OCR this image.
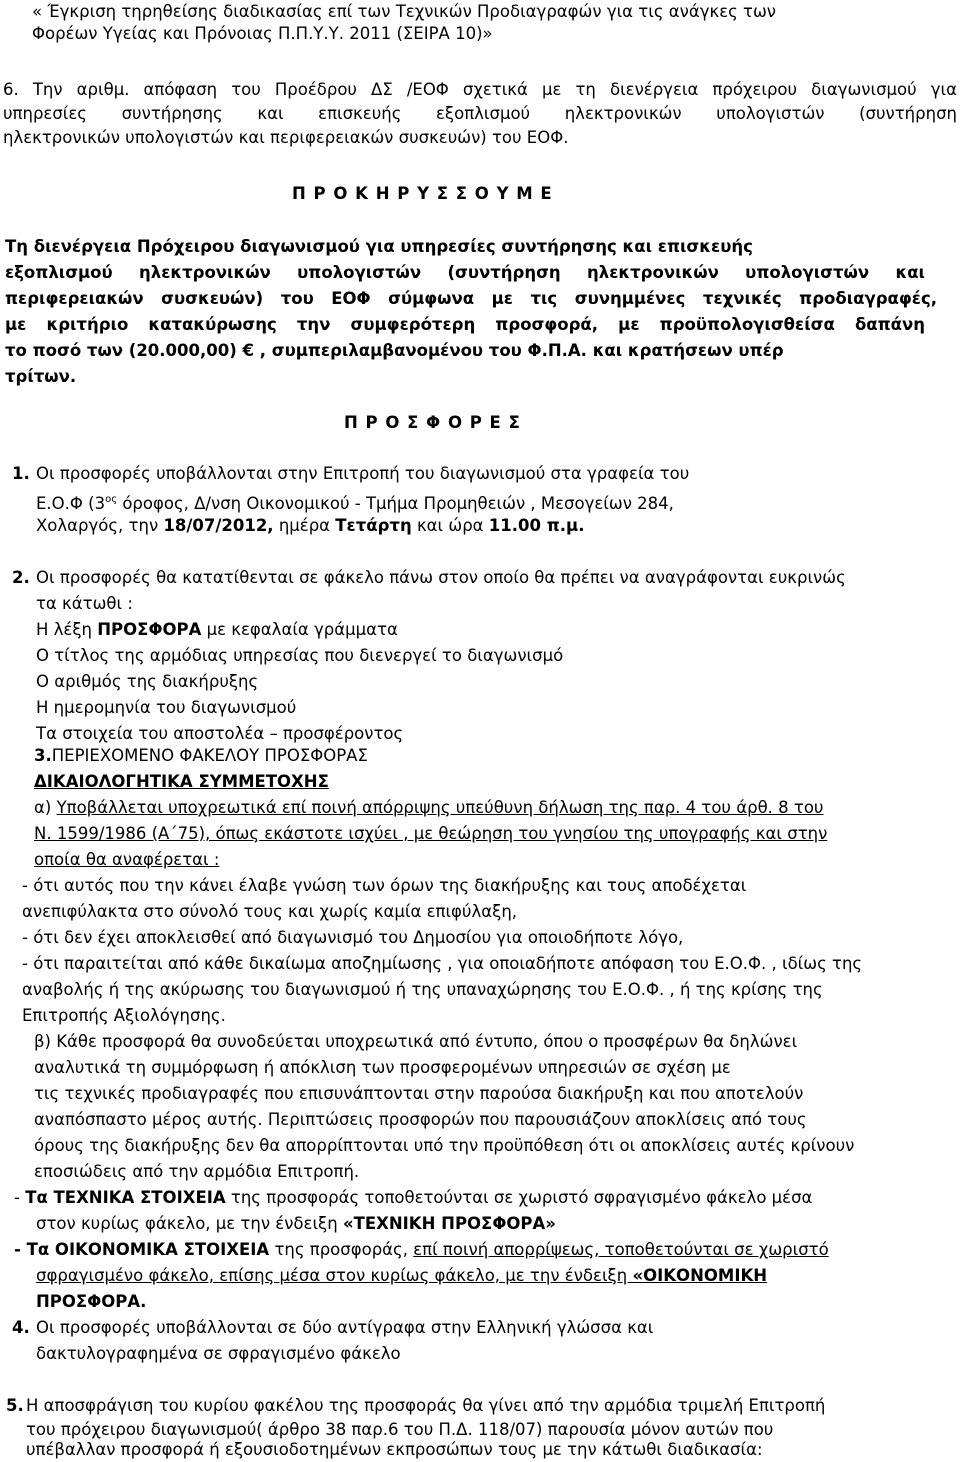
« Έγκριση τηρηθείσης διαδικασίας επί των Τεχνικών Προδιαγραφών για τις ανάγκες των
Φορέων Υγείας και Πρόνοιας Π.Π.Υ.Υ. 2011 (ΣΕΙΡΑ 10)»
6. Την αριθμ. απόφαση του Προέδρου ΔΣ /ΕΟΦ σχετικά με τη διενέργεια πρόχειρου διαγωνισμού για
υπηρεσίες συντήρησης και επισκευής εξοπλισμού ηλεκτρονικών υπολογιστών (συντήρηση
ηλεκτρονικών υπολογιστών και περιφερειακών συσκευών) του ΕΟΦ.
Π Ρ Ο Κ Η Ρ Υ Σ Σ Ο Υ Μ Ε
Τη διενέργεια Πρόχειρου διαγωνισμού για υπηρεσίες συντήρησης και επισκευής
εξοπλισμού ηλεκτρονικών υπολογιστών (συντήρηση ηλεκτρονικών υπολογιστών και
περιφερειακών συσκευών) του ΕΟΦ σύμφωνα με τις συνημμένες τεχνικές προδιαγραφές,
με κριτήριο κατακύρωσης την συμφερότερη προσφορά, με προϋπολογισθείσα δαπάνη
το ποσό των (20.000,00) € , συμπεριλαμβανομένου του Φ.Π.Α. και κρατήσεων υπέρ
τρίτων.
Π Ρ Ο Σ Φ Ο Ρ Ε Σ
1. Οι προσφορές υποβάλλονται στην Επιτροπή του διαγωνισμού στα γραφεία του
Ε.Ο.Φ ($3^{o\varsigma}$ όροφος, Δ/νση Οικονομικού - Τμήμα Προμηθειών , Μεσογείων 284,
Χολαργός, την 18/07/2012, ημέρα Τετάρτη και ώρα 11.00 π.μ.
2. Οι προσφορές θα κατατίθενται σε φάκελο πάνω στον οποίο θα πρέπει να αναγράφονται ευκρινώς
τα κάτωθι :
Η λέξη ΠΡΟΣΦΟΡΑ με κεφαλαία γράμματα
Ο τίτλος της αρμόδιας υπηρεσίας που διενεργεί το διαγωνισμό
Ο αριθμός της διακήρυξης
Η ημερομηνία του διαγωνισμού
Τα στοιχεία του αποστολέα – προσφέροντος
3.ΠΕΡΙΕΧΟΜΕΝΟ ΦΑΚΕΛΟΥ ΠΡΟΣΦΟΡΑΣ
ΔΙΚΑΙΟΛΟΓΗΤΙΚΑ ΣΥΜΜΕΤΟΧΗΣ
α) Υποβάλλεται υποχρεωτικά επί ποινή απόρριψης υπεύθυνη δήλωση της παρ. 4 του άρθ. 8 του
Ν. 1599/1986 (Α΄75), όπως εκάστοτε ισχύει , με θεώρηση του γνησίου της υπογραφής και στην
οποία θα αναφέρεται :
- ότι αυτός που την κάνει έλαβε γνώση των όρων της διακήρυξης και τους αποδέχεται
ανεπιφύλακτα στο σύνολό τους και χωρίς καμία επιφύλαξη,
- ότι δεν έχει αποκλεισθεί από διαγωνισμό του Δημοσίου για οποιοδήποτε λόγο,
- ότι παραιτείται από κάθε δικαίωμα αποζημίωσης , για οποιαδήποτε απόφαση του Ε.Ο.Φ. , ιδίως της
αναβολής ή της ακύρωσης του διαγωνισμού ή της υπαναχώρησης του Ε.Ο.Φ. , ή της κρίσης της
Επιτροπής Αξιολόγησης.
β) Κάθε προσφορά θα συνοδεύεται υποχρεωτικά από έντυπο, όπου ο προσφέρων θα δηλώνει
αναλυτικά τη συμμόρφωση ή απόκλιση των προσφερομένων υπηρεσιών σε σχέση με
τις τεχνικές προδιαγραφές που επισυνάπτονται στην παρούσα διακήρυξη και που αποτελούν
αναπόσπαστο μέρος αυτής. Περιπτώσεις προσφορών που παρουσιάζουν αποκλίσεις από τους
όρους της διακήρυξης δεν θα απορρίπτονται υπό την προϋπόθεση ότι οι αποκλίσεις αυτές κρίνουν
εποσιώδεις από την αρμόδια Επιτροπή.
- Τα ΤΕΧΝΙΚΑ ΣΤΟΙΧΕΙΑ της προσφοράς τοποθετούνται σε χωριστό σφραγισμένο φάκελο μέσα
στον κυρίως φάκελο, με την ένδειξη «ΤΕΧΝΙΚΗ ΠΡΟΣΦΟΡΑ»
- Τα ΟΙΚΟΝΟΜΙΚΑ ΣΤΟΙΧΕΙΑ της προσφοράς, επί ποινή απορρίψεως, τοποθετούνται σε χωριστό
σφραγισμένο φάκελο, επίσης μέσα στον κυρίως φάκελο, με την ένδειξη «ΟΙΚΟΝΟΜΙΚΗ
ΠΡΟΣΦΟΡΑ.
4. Οι προσφορές υποβάλλονται σε δύο αντίγραφα στην Ελληνική γλώσσα και
δακτυλογραφημένα σε σφραγισμένο φάκελο
5. Η αποσφράγιση του κυρίου φακέλου της προσφοράς θα γίνει από την αρμόδια τριμελή Επιτροπή
του πρόχειρου διαγωνισμού( άρθρο 38 παρ.6 του Π.Δ. 118/07) παρουσία μόνον αυτών που
υπέβαλλαν προσφορά ή εξουσιοδοτημένων εκπροσώπων τους με την κάτωθι διαδικασία:
